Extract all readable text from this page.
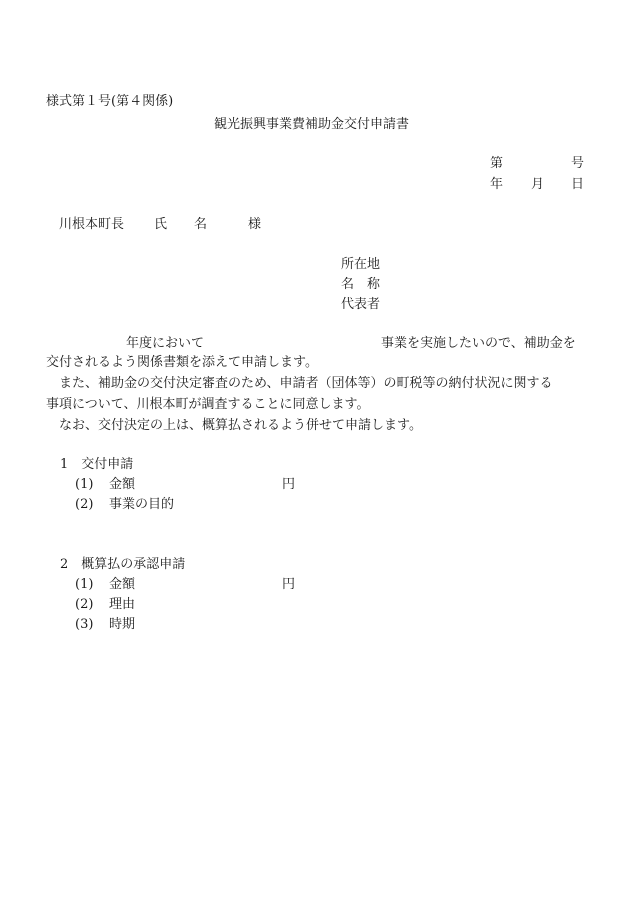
様式第１号(第４関係)
観光振興事業費補助金交付申請書
第	号
年 月 日
川根本町長 氏 名	様
所在地
名　称
代表者
年度において	事業を実施したいので、補助金を

交付されるよう関係書類を添えて申請します。

また、補助金の交付決定審査のため、申請者（団体等）の町税等の納付状況に関する

事項について、川根本町が調査することに同意します。

なお、交付決定の上は、概算払されるよう併せて申請します。

1　交付申請
(1) 金額	円
(2) 事業の目的
2　概算払の承認申請
(1) 金額	円
(2) 理由
(3) 時期
